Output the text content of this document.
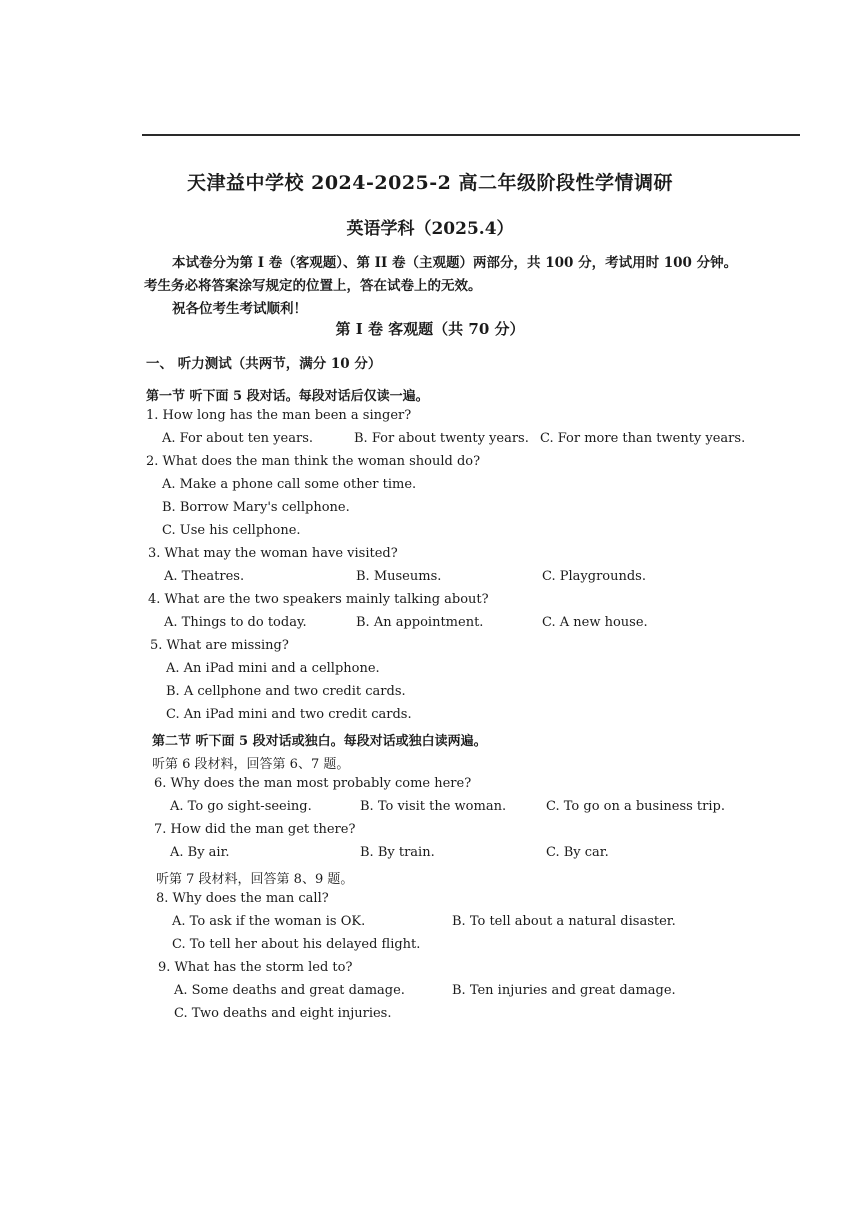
天津益中学校 2024-2025-2 高二年级阶段性学情调研
英语学科（2025.4）
本试卷分为第 I 卷（客观题）、第 II 卷（主观题）两部分，共 100 分，考试用时 100 分钟。
考生务必将答案涂写规定的位置上，答在试卷上的无效。
祝各位考生考试顺利！
第 I 卷 客观题（共 70 分）
一、 听力测试（共两节，满分 10 分）
第一节 听下面 5 段对话。每段对话后仅读一遍。
1. How long has the man been a singer?
A. For about ten years.	B. For about twenty years. C. For more than twenty years.
2. What does the man think the woman should do?
A. Make a phone call some other time.
B. Borrow Mary's cellphone.
C. Use his cellphone.
3. What may the woman have visited?
A. Theatres.	B. Museums.	C. Playgrounds.
4. What are the two speakers mainly talking about?
A. Things to do today.	B. An appointment.	C. A new house.
5. What are missing?
A. An iPad mini and a cellphone.
B. A cellphone and two credit cards.
C. An iPad mini and two credit cards.
第二节 听下面 5 段对话或独白。每段对话或独白读两遍。
听第 6 段材料，回答第 6、7 题。
6. Why does the man most probably come here?
A. To go sight-seeing.	B. To visit the woman.	C. To go on a business trip.
7. How did the man get there?
A. By air.	B. By train.	C. By car.
听第 7 段材料，回答第 8、9 题。
8. Why does the man call?
A. To ask if the woman is OK.	B. To tell about a natural disaster.
C. To tell her about his delayed flight.
9. What has the storm led to?
A. Some deaths and great damage.	B. Ten injuries and great damage.
C. Two deaths and eight injuries.
